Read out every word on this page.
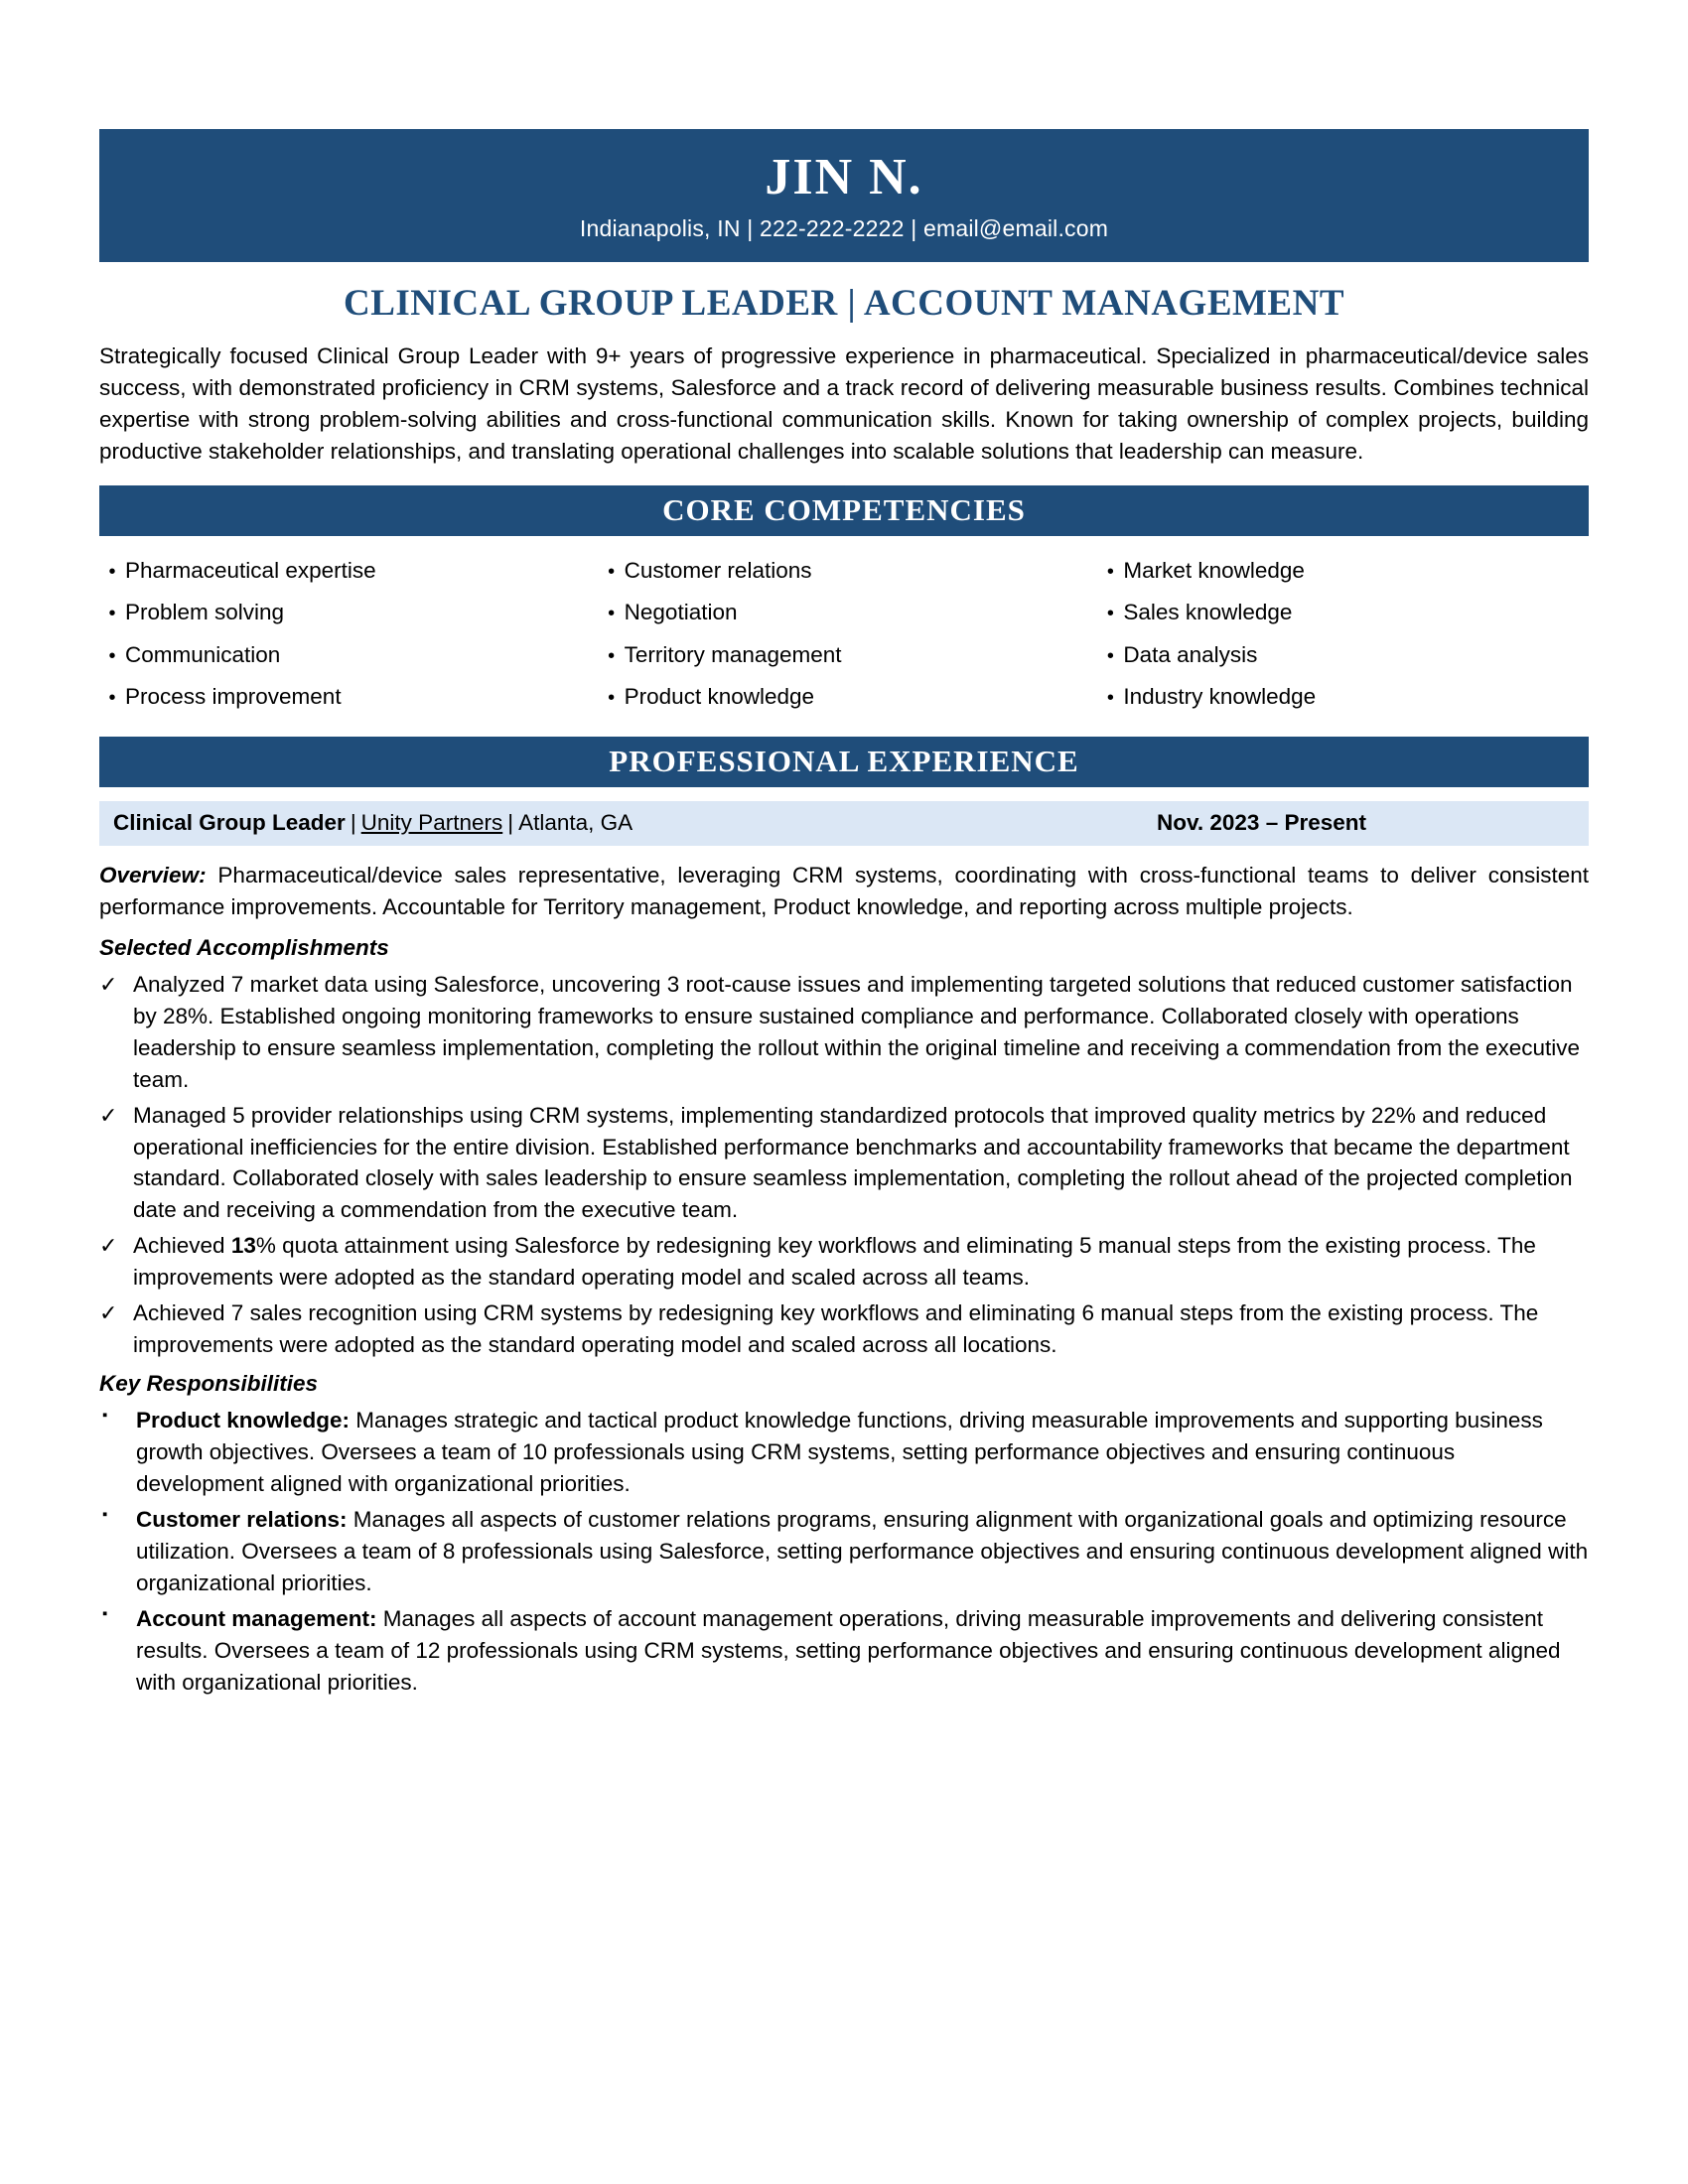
JIN N.
Indianapolis, IN | 222-222-2222 | email@email.com
CLINICAL GROUP LEADER | ACCOUNT MANAGEMENT
Strategically focused Clinical Group Leader with 9+ years of progressive experience in pharmaceutical. Specialized in pharmaceutical/device sales success, with demonstrated proficiency in CRM systems, Salesforce and a track record of delivering measurable business results. Combines technical expertise with strong problem-solving abilities and cross-functional communication skills. Known for taking ownership of complex projects, building productive stakeholder relationships, and translating operational challenges into scalable solutions that leadership can measure.
CORE COMPETENCIES
• Pharmaceutical expertise	• Customer relations	• Market knowledge
• Problem solving	• Negotiation	• Sales knowledge
• Communication	• Territory management	• Data analysis
• Process improvement	• Product knowledge	• Industry knowledge
PROFESSIONAL EXPERIENCE
Clinical Group Leader | Unity Partners | Atlanta, GA	Nov. 2023 – Present
Overview: Pharmaceutical/device sales representative, leveraging CRM systems, coordinating with cross-functional teams to deliver consistent performance improvements. Accountable for Territory management, Product knowledge, and reporting across multiple projects.
Selected Accomplishments
✓ Analyzed 7 market data using Salesforce, uncovering 3 root-cause issues and implementing targeted solutions that reduced customer satisfaction by 28%. Established ongoing monitoring frameworks to ensure sustained compliance and performance. Collaborated closely with operations leadership to ensure seamless implementation, completing the rollout within the original timeline and receiving a commendation from the executive team.
✓ Managed 5 provider relationships using CRM systems, implementing standardized protocols that improved quality metrics by 22% and reduced operational inefficiencies for the entire division. Established performance benchmarks and accountability frameworks that became the department standard. Collaborated closely with sales leadership to ensure seamless implementation, completing the rollout ahead of the projected completion date and receiving a commendation from the executive team.
✓ Achieved 13% quota attainment using Salesforce by redesigning key workflows and eliminating 5 manual steps from the existing process. The improvements were adopted as the standard operating model and scaled across all teams.
✓ Achieved 7 sales recognition using CRM systems by redesigning key workflows and eliminating 6 manual steps from the existing process. The improvements were adopted as the standard operating model and scaled across all locations.
Key Responsibilities
▪	Product knowledge: Manages strategic and tactical product knowledge functions, driving measurable improvements and supporting business growth objectives. Oversees a team of 10 professionals using CRM systems, setting performance objectives and ensuring continuous development aligned with organizational priorities.
▪	Customer relations: Manages all aspects of customer relations programs, ensuring alignment with organizational goals and optimizing resource utilization. Oversees a team of 8 professionals using Salesforce, setting performance objectives and ensuring continuous development aligned with organizational priorities.
▪	Account management: Manages all aspects of account management operations, driving measurable improvements and delivering consistent results. Oversees a team of 12 professionals using CRM systems, setting performance objectives and ensuring continuous development aligned with organizational priorities.
